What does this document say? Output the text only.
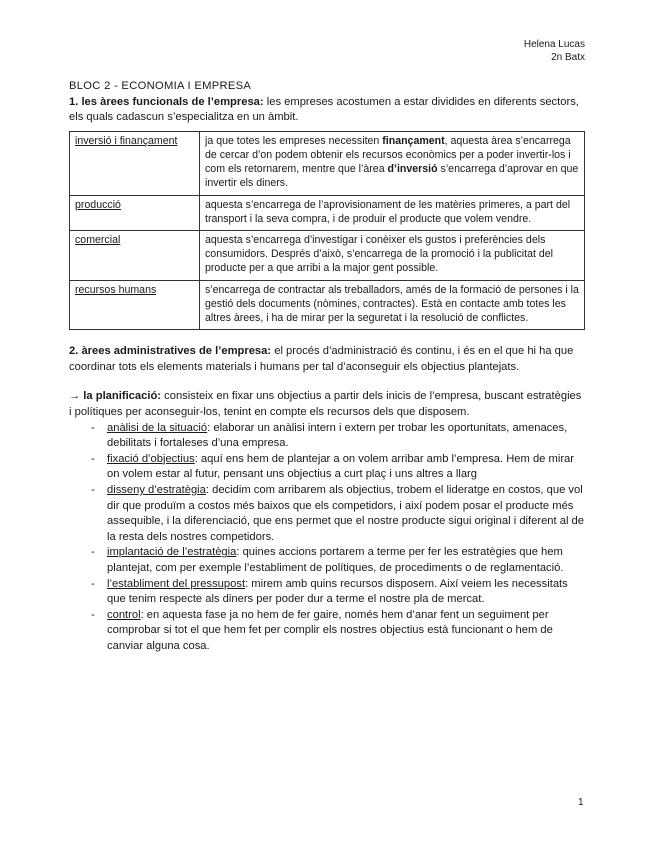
Helena Lucas
2n Batx

BLOC 2 - ECONOMIA I EMPRESA

1. les àrees funcionals de l’empresa: les empreses acostumen a estar dividides en diferents sectors, els quals cadascun s’especialitza en un àmbit.

inversió i finançament	ja que totes les empreses necessiten finançament, aquesta àrea s’encarrega de cercar d’on podem obtenir els recursos econòmics per a poder invertir-los i com els retornarem, mentre que l’àrea d’inversió s’encarrega d’aprovar en que invertir els diners.
producció	aquesta s’encarrega de l’aprovisionament de les matèries primeres, a part del transport i la seva compra, i de produir el producte que volem vendre.
comercial	aquesta s’encarrega d’investigar i conèixer els gustos i preferències dels consumidors. Després d’això, s’encarrega de la promoció i la publicitat del producte per a que arribi a la major gent possible.
recursos humans	s’encarrega de contractar als treballadors, amés de la formació de persones i la gestió dels documents (nòmines, contractes). Està en contacte amb totes les altres àrees, i ha de mirar per la seguretat i la resolució de conflictes.

2. àrees administratives de l’empresa: el procés d’administració és continu, i és en el que hi ha que coordinar tots els elements materials i humans per tal d’aconseguir els objectius plantejats.

→ la planificació: consisteix en fixar uns objectius a partir dels inicis de l’empresa, buscant estratègies i polítiques per aconseguir-los, tenint en compte els recursos dels que disposem.

- anàlisi de la situació: elaborar un anàlisi intern i extern per trobar les oportunitats, amenaces, debilitats i fortaleses d’una empresa.
- fixació d’objectius: aquí ens hem de plantejar a on volem arribar amb l’empresa. Hem de mirar on volem estar al futur, pensant uns objectius a curt plaç i uns altres a llarg
- disseny d’estratègia: decidim com arribarem als objectius, trobem el lideratge en costos, que vol dir que produïm a costos més baixos que els competidors, i així podem posar el producte més assequible, i la diferenciació, que ens permet que el nostre producte sigui original i diferent al de la resta dels nostres competidors.
- implantació de l’estratègia: quines accions portarem a terme per fer les estratègies que hem plantejat, com per exemple l’establiment de polítiques, de procediments o de reglamentació.
- l’establiment del pressupost: mirem amb quins recursos disposem. Així veiem les necessitats que tenim respecte als diners per poder dur a terme el nostre pla de mercat.
- control: en aquesta fase ja no hem de fer gaire, només hem d’anar fent un seguiment per comprobar si tot el que hem fet per complir els nostres objectius està funcionant o hem de canviar alguna cosa.
1
